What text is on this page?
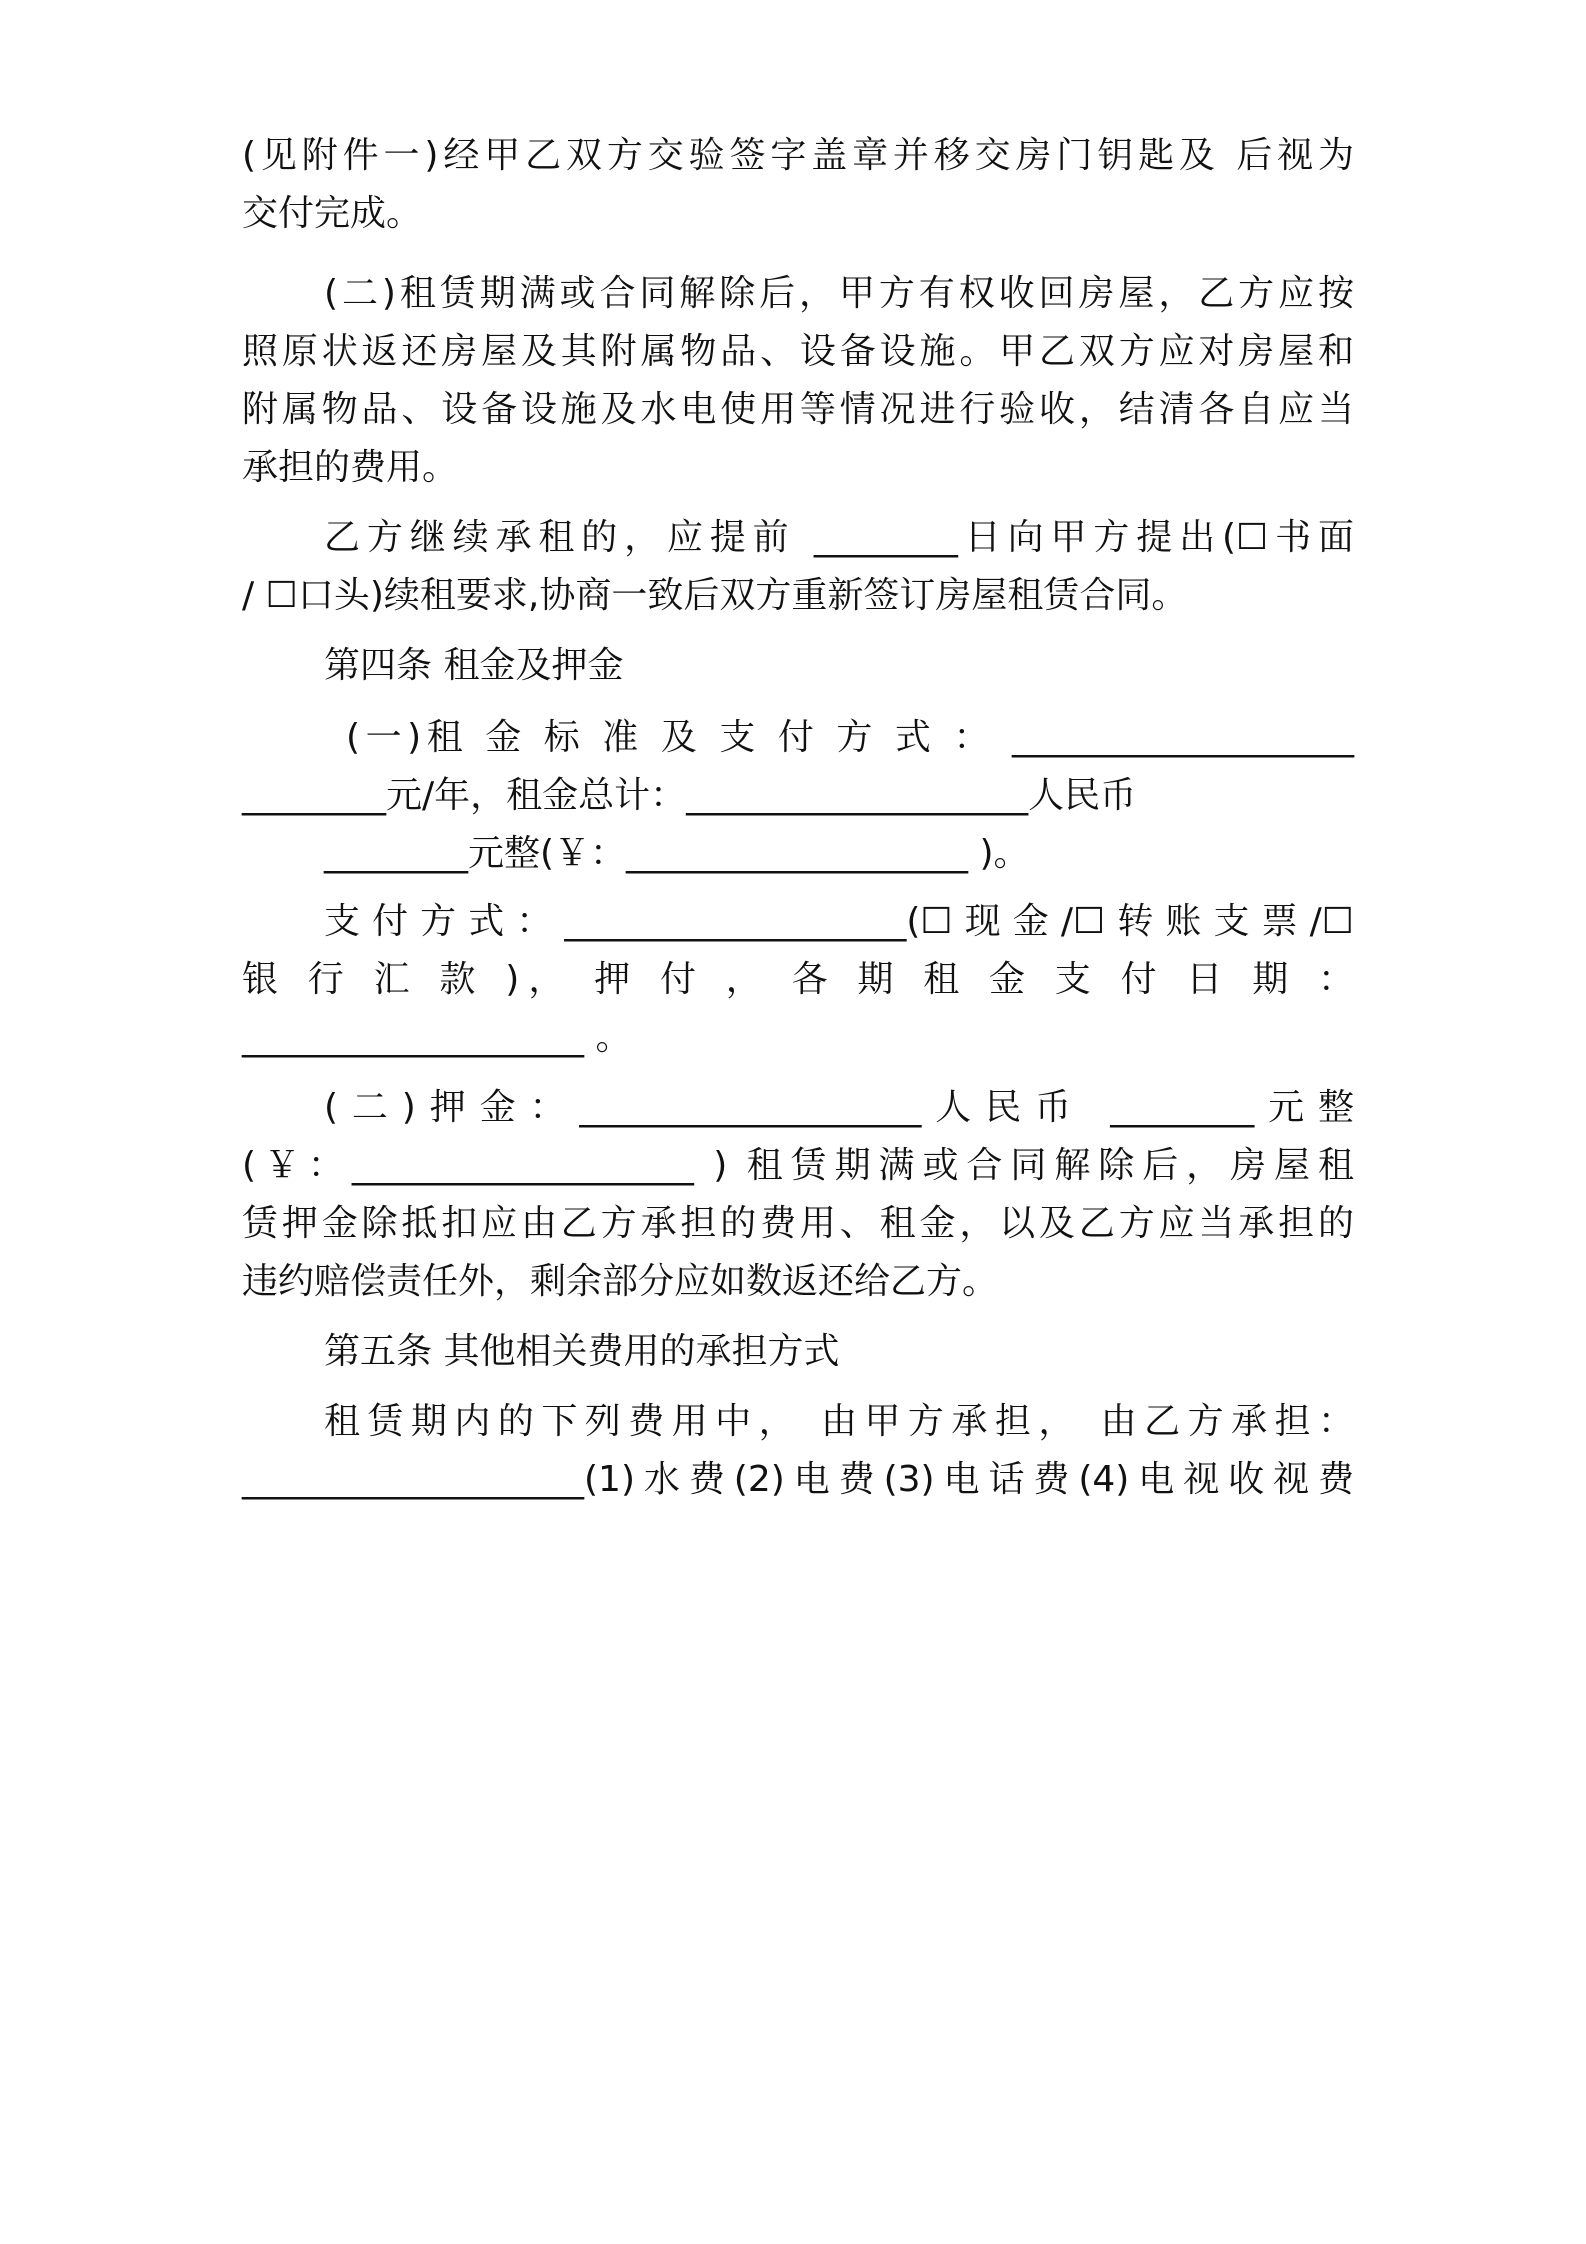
(见附件一)经甲乙双方交验签字盖章并移交房门钥匙及 后视为
交付完成。
(二)租赁期满或合同解除后，甲方有权收回房屋，乙方应按
照原状返还房屋及其附属物品、设备设施。甲乙双方应对房屋和
附属物品、设备设施及水电使用等情况进行验收，结清各自应当
承担的费用。
乙方继续承租的，应提前 ________日向甲方提出(☐书面
/ ☐口头)续租要求,协商一致后双方重新签订房屋租赁合同。
第四条 租金及押金
(一)租 金 标 准 及 支 付 方 式 ： ___________________
________元/年，租金总计：___________________人民币
________元整(￥：___________________ )。
支付方式：___________________(☐现金/☐转账支票/☐
银 行 汇 款 )， 押 付 ， 各 期 租 金 支 付 日 期 ：
___________________ 。
(二)押金：___________________人民币 ________元整
(￥：___________________ ) 租赁期满或合同解除后，房屋租
赁押金除抵扣应由乙方承担的费用、租金，以及乙方应当承担的
违约赔偿责任外，剩余部分应如数返还给乙方。
第五条 其他相关费用的承担方式
租赁期内的下列费用中， 由甲方承担， 由乙方承担：
___________________(1)水费(2)电费(3)电话费(4)电视收视费
